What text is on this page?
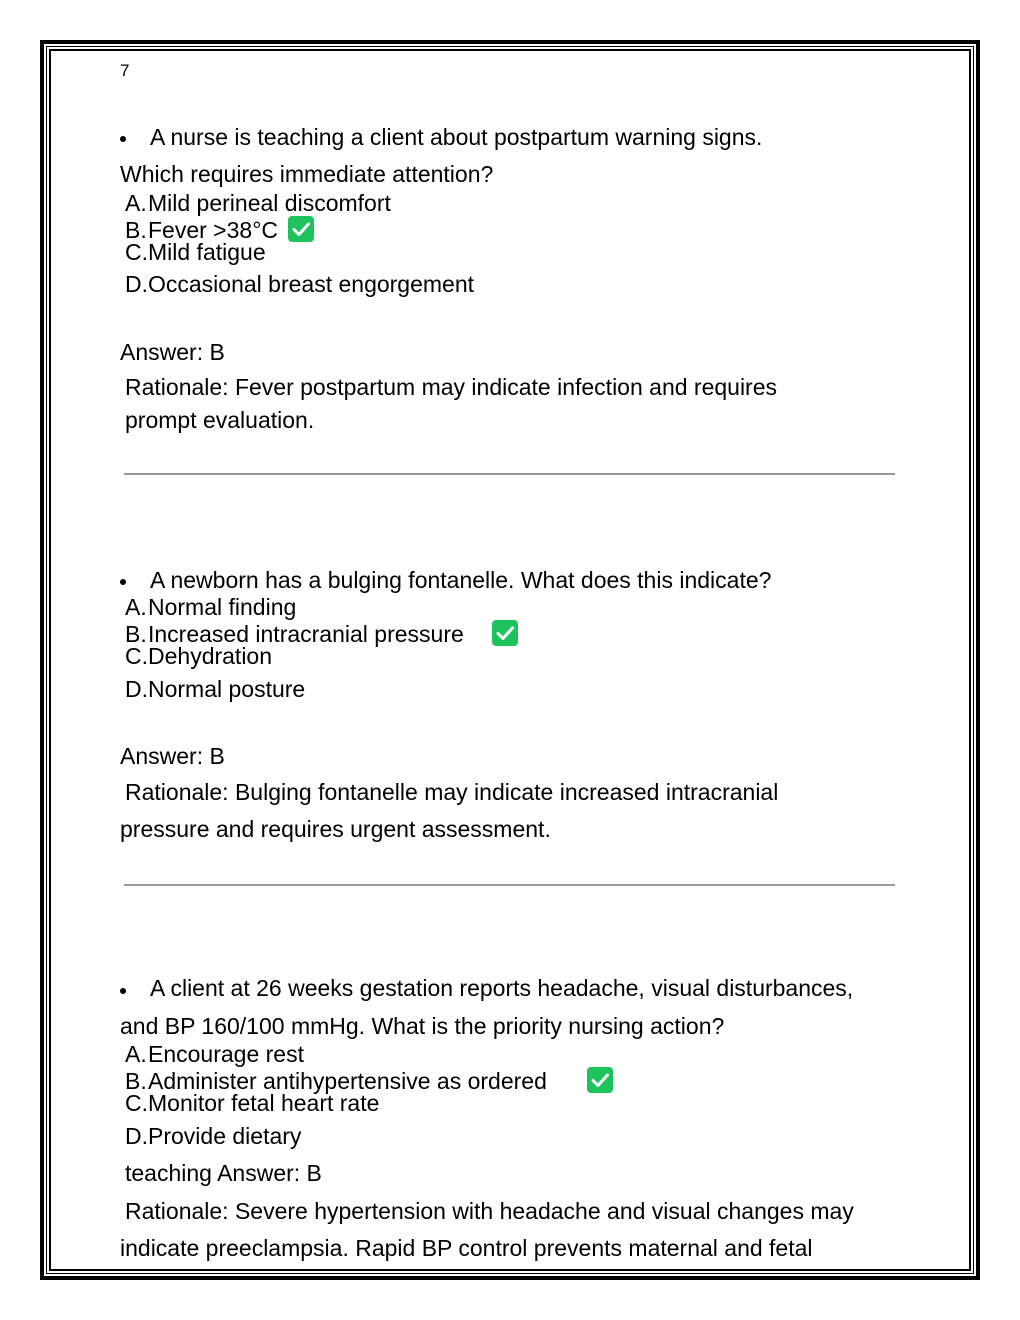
7
A nurse is teaching a client about postpartum warning signs.
Which requires immediate attention?
A.Mild perineal discomfort
B.Fever >38°C
C.Mild fatigue
D.Occasional breast engorgement
Answer: B
Rationale: Fever postpartum may indicate infection and requires
prompt evaluation.
A newborn has a bulging fontanelle. What does this indicate?
A.Normal finding
B.Increased intracranial pressure
C.Dehydration
D.Normal posture
Answer: B
Rationale: Bulging fontanelle may indicate increased intracranial
pressure and requires urgent assessment.
A client at 26 weeks gestation reports headache, visual disturbances,
and BP 160/100 mmHg. What is the priority nursing action?
A.Encourage rest
B.Administer antihypertensive as ordered
C.Monitor fetal heart rate
D.Provide dietary
teaching Answer: B
Rationale: Severe hypertension with headache and visual changes may
indicate preeclampsia. Rapid BP control prevents maternal and fetal
